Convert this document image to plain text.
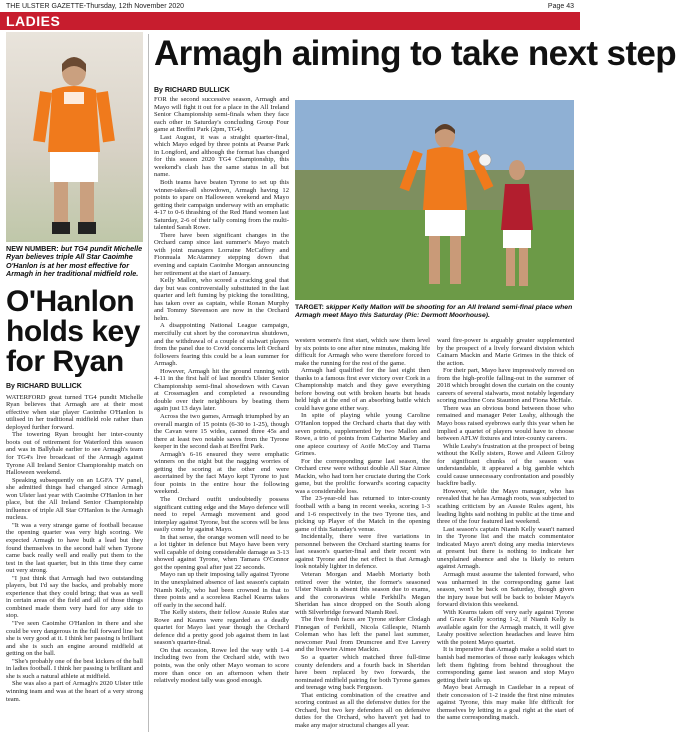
THE ULSTER GAZETTE-Thursday, 12th November 2020	Page 43
LADIES
NEW NUMBER: but TG4 pundit Michelle Ryan believes triple All Star Caoimhe O'Hanlon is at her most effective for Armagh in her traditional midfield role.
O'Hanlon holds key for Ryan
By RICHARD BULLICK

WATERFORD great turned TG4 pundit Michelle Ryan believes that Armagh are at their most effective when star player Caoimhe O'Hanlon is utilised in her traditional midfield role rather than deployed further forward.

The towering Ryan brought her inter-county boots out of retirement for Waterford this season and was in Ballyhale earlier to see Armagh's team for TG4's live broadcast of the Armagh against Tyrone All Ireland Senior Championship match on Halloween weekend.

Speaking subsequently on an LGFA TV panel, she admitted things had changed since Armagh won Ulster last year with Caoimhe O'Hanlon in her place, but the All Ireland Senior Championship influence of triple All Star O'Hanlon is the Armagh nucleus.

"It was a very strange game of football because the opening quarter was very high scoring. We expected Armagh to have built a lead but they found themselves in the second half when Tyrone came back really well and really put them to the test in the last quarter, but in this time they came out very strong.

"I just think that Armagh had two outstanding players, but I'd say the backs, and probably more experience that they could bring; that was as well in certain areas of the field and all of those things combined made them very hard for any side to stop.

"I've seen Caoimhe O'Hanlon in there and she could be very dangerous in the full forward line but she is very good at it. I think her passing is brilliant and she is such an engine around midfield at getting on the ball.

"She's probably one of the best kickers of the ball in ladies football. I think her passing is brilliant and she is such a natural athlete at midfield.

She was also a part of Armagh's 2020 Ulster title winning team and was at the heart of a very strong team.

Armagh aiming to take next step
By RICHARD BULLICK

FOR the second successive season, Armagh and Mayo will fight it out for a place in the All Ireland Senior Championship semi-finals when they face each other in Saturday's concluding Group Four game at Breffni Park (2pm, TG4).

Last August, it was a straight quarter-final, which Mayo edged by three points at Pearse Park in Longford, and although the format has changed for this season 2020 TG4 Championship, this weekend's clash has the same status in all but name.

Both teams have beaten Tyrone to set up this winner-takes-all showdown, Armagh having 12 points to spare on Halloween weekend and Mayo getting their campaign underway with an emphatic 4-17 to 0-6 thrashing of the Red Hand women last Saturday, 2-6 of their tally coming from the multi-talented Sarah Rowe.

There have been significant changes in the Orchard camp since last summer's Mayo match with joint managers Lorraine McCaffrey and Fionnuala McAtamney stepping down that evening and captain Caoimhe Morgan announcing her retirement at the start of January.

Kelly Mallon, who scored a cracking goal that day but was controversially substituted in the last quarter and left fuming by picking the tonsiliting, has taken over as captain, while Ronan Murphy and Tommy Stevenson are now in the Orchard helm.

A disappointing National League campaign, mercifully cut short by the coronavirus shutdown, and the withdrawal of a couple of stalwart players from the panel due to Covid concerns left Orchard followers fearing this could be a lean summer for Armagh.

However, Armagh hit the ground running with 4-11 in the first half of last month's Ulster Senior Championship semi-final showdown with Cavan at Crossmaglen and completed a resounding double over their neighbours by beating them again just 13 days later.

Across the two games, Armagh triumphed by an overall margin of 15 points (6-30 to 1-25), though the Cavan were 15 wides, canned three 45s and there at least two notable saves from the Tyrone keeper in the second dash at Breffni Park.

Armagh's 6-16 ensured they were emphatic winners on the night but the nagging worries of getting the scoring at the other end were ascertained by the fact Mayo kept Tyrone to just four points in the entire hour the following weekend.

The Orchard outfit undoubtedly possess significant cutting edge and the Mayo defence will need to repel Armagh movement and good interplay against Tyrone, but the scores will be less easily come by against Mayo.

In that sense, the orange women will need to be a lot tighter in defence but Mayo have been very well capable of doing considerable damage as 3-13 showed against Tyrone, when Tamara O'Connor got the opening goal after just 22 seconds.

Mayo ran up their imposing tally against Tyrone in the unexplained absence of last season's captain Niamh Kelly, who had been crowned in that to three points and a scoreless Rachel Kearns takes off early in the second half.

The Kelly sisters, their fellow Aussie Rules star Rowe and Kearns were regarded as a deadly quartet for Mayo last year though the Orchard defence did a pretty good job against them in last season's quarter-final.

On that occasion, Rowe led the way with 1-4 including two from the Orchard side, with two points, was the only other Mayo woman to score more than once on an afternoon when their relatively modest tally was good enough.

TARGET: skipper Kelly Mallon will be shooting for an All Ireland semi-final place when Armagh meet Mayo this Saturday (Pic: Dermott Moorhouse).

western women's first start, which saw them level by six points to one after nine minutes, making life difficult for Armagh who were therefore forced to make the running for the rest of the game.

Armagh had qualified for the last eight then thanks to a famous first ever victory over Cork in a Championship match and they gave everything before bowing out with broken hearts but heads held high at the end of an absorbing battle which could have gone either way.

In spite of playing while young Caroline O'Hanlon topped the Orchard charts that day with seven points, supplemented by two Mallon and Rowe, a trio of points from Catherine Marley and one apiece courtesy of Aoife McCoy and Tiarna Grimes.

For the corresponding game last season, the Orchard crew were without double All Star Aimee Mackin, who had torn her cruciate during the Cork game, but the prolific forward's scoring capacity was a considerable loss.

The 23-year-old has returned to inter-county football with a bang in recent weeks, scoring 1-3 and 1-6 respectively in the two Tyrone ties, and picking up Player of the Match in the opening game of this Saturday's venue.

Incidentally, there were five variations in personnel between the Orchard starting teams for last season's quarter-final and their recent win against Tyrone and the net effect is that Armagh look notably lighter in defence.

Veteran Morgan and Maebh Moriarty both retired over the winter, the former's seasoned Ulster Niamh is absent this season due to exams, and the coronavirus while Ferkhill's Megan Sheridan has since dropped on the South along with Silverbridge forward Niamh Reel.

The five fresh faces are Tyrone striker Clodagh Finnegan of Ferkhill, Nicola Gillespie, Niamh Coleman who has left the panel last summer, newcomer Paul from Drumcree and Eve Lavery and the livewire Aimee Mackin.

So a quarter which matched three full-time county defenders and a fourth back in Sheridan have been replaced by two forwards, the nominated midfield pairing for both Tyrone games and teenage wing back Ferguson.

That enticing combination of the creative and scoring contrast as all the defensive duties for the Orchard, but two key defenders all on defensive duties for the Orchard, who haven't yet had to make any major structural changes all year.

ward fire-power is arguably greater supplemented by the prospect of a lively forward division which Cainarn Mackin and Marie Grimes in the thick of the action.

For their part, Mayo have impressively moved on from the high-profile falling-out in the summer of 2018 which brought down the curtain on the county careers of several stalwarts, most notably legendary scoring machine Cora Staunton and Fiona McHale.

There was an obvious bond between those who remained and manager Peter Leahy, although the Mayo boss raised eyebrows early this year when he implied a quartet of players would have to choose between AFLW fixtures and inter-county careers.

While Leahy's frustration at the prospect of being without the Kelly sisters, Rowe and Aileen Gilroy for significant chunks of the season was understandable, it appeared a big gamble which could cause unnecessary confrontation and possibly backfire badly.

However, while the Mayo manager, who has revealed that he has Armagh roots, was subjected to scathing criticism by an Aussie Rules agent, his leading lights said nothing in public at the time and three of the four featured last weekend.

Last season's captain Niamh Kelly wasn't named in the Tyrone list and the match commentator indicated Mayo aren't doing any media interviews at present but there is nothing to indicate her unexplained absence and she is likely to return against Armagh.

Armagh must assume the talented forward, who was unharmed in the corresponding game last season, won't be back on Saturday, though given the injury issue but will be back to bolster Mayo's forward division this weekend.

With Kearns taken off very early against Tyrone and Grace Kelly scoring 1-2, if Niamh Kelly is available again for the Armagh match, it will give Leahy positive selection headaches and leave him with the potent Mayo quartet.

It is imperative that Armagh make a solid start to banish bad memories of those early leakages which left them fighting from behind throughout the corresponding game last season and stop Mayo getting their tails up.

Mayo beat Armagh in Castlebar in a repeat of their concession of 1-2 inside the first nine minutes against Tyrone, this may make life difficult for themselves by letting in a goal right at the start of the same corresponding match.
